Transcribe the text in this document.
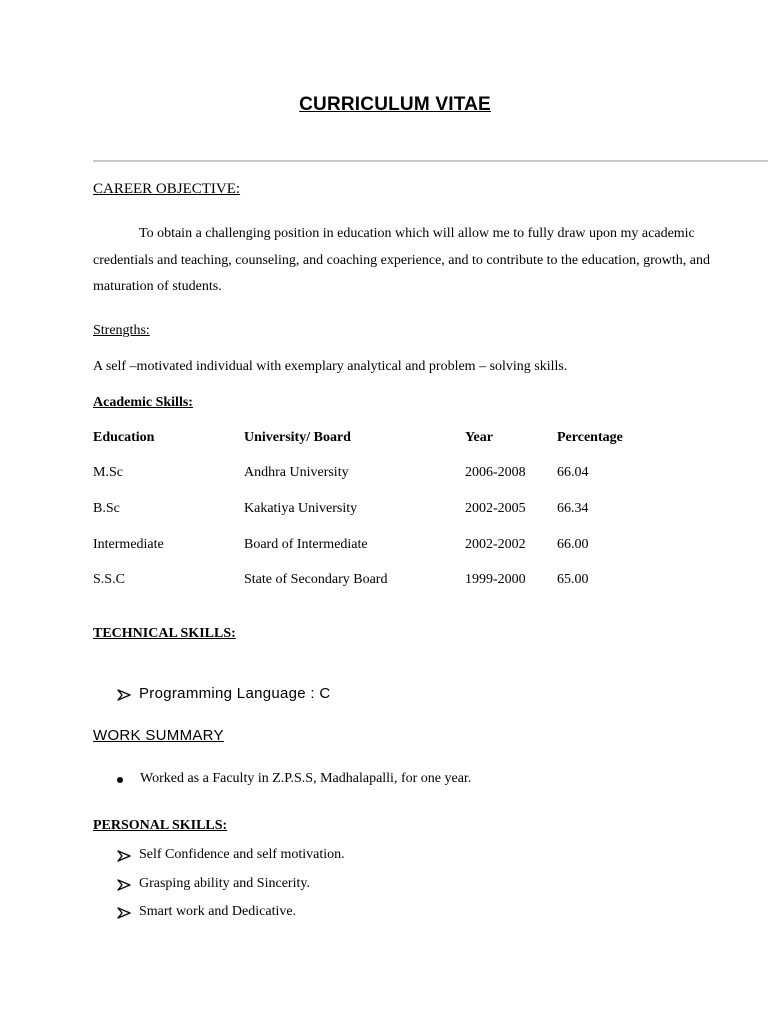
CURRICULUM VITAE
CAREER OBJECTIVE:
To obtain a challenging position in education which will allow me to fully draw upon my academic credentials and teaching, counseling, and coaching experience, and to contribute to the education, growth, and maturation of students.
Strengths:
A self –motivated individual with exemplary analytical and problem – solving skills.
Academic Skills:
Education	University/ Board	Year	Percentage
M.Sc	Andhra University	2006-2008 66.04
B.Sc	Kakatiya University	2002-2005 66.34
Intermediate	Board of Intermediate	2002-2002 66.00
S.S.C	State of Secondary Board	1999-2000 65.00
TECHNICAL SKILLS:
Programming Language : C
WORK SUMMARY
Worked as a Faculty in Z.P.S.S, Madhalapalli, for one year.
PERSONAL SKILLS:
Self Confidence and self motivation.
Grasping ability and Sincerity.
Smart work and Dedicative.
